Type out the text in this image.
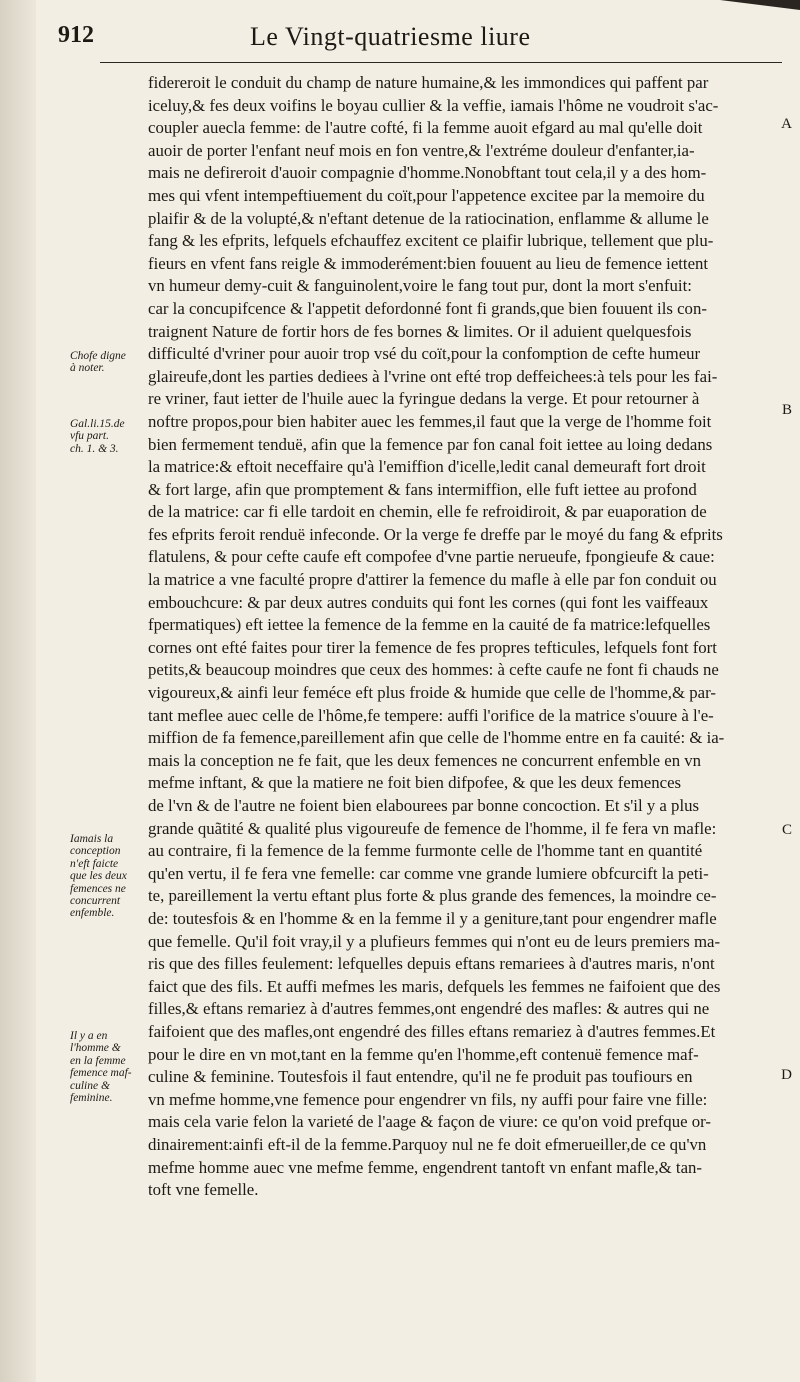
912	Le Vingt-quatriesme liure
fidereroit le conduit du champ de nature humaine,& les immondices qui paffent par
iceluy,& fes deux voifins le boyau cullier & la veffie, iamais l'hôme ne voudroit s'ac-
coupler auecla femme: de l'autre cofté, fi la femme auoit efgard au mal qu'elle doit
auoir de porter l'enfant neuf mois en fon ventre,& l'extréme douleur d'enfanter,ia-
mais ne defireroit d'auoir compagnie d'homme.Nonobftant tout cela,il y a des hom-
mes qui vfent intempeftiuement du coït,pour l'appetence excitee par la memoire du
plaifir & de la volupté,& n'eftant detenue de la ratiocination, enflamme & allume le
fang & les efprits, lefquels efchauffez excitent ce plaifir lubrique, tellement que plu-
fieurs en vfent fans reigle & immoderément:bien fouuent au lieu de femence iettent
vn humeur demy-cuit & fanguinolent,voire le fang tout pur, dont la mort s'enfuit:
car la concupifcence & l'appetit defordonné font fi grands,que bien fouuent ils con-
traignent Nature de fortir hors de fes bornes & limites. Or il aduient quelquesfois
difficulté d'vriner pour auoir trop vsé du coït,pour la confomption de cefte humeur
glaireufe,dont les parties dediees à l'vrine ont efté trop deffeichees:à tels pour les fai-
re vriner, faut ietter de l'huile auec la fyringue dedans la verge. Et pour retourner à
noftre propos,pour bien habiter auec les femmes,il faut que la verge de l'homme foit
bien fermement tenduë, afin que la femence par fon canal foit iettee au loing dedans
la matrice:& eftoit neceffaire qu'à l'emiffion d'icelle,ledit canal demeuraft fort droit
& fort large, afin que promptement & fans intermiffion, elle fuft iettee au profond
de la matrice: car fi elle tardoit en chemin, elle fe refroidiroit, & par euaporation de
fes efprits feroit renduë infeconde. Or la verge fe dreffe par le moyé du fang & efprits
flatulens, & pour cefte caufe eft compofee d'vne partie nerueufe, fpongieufe & caue:
la matrice a vne faculté propre d'attirer la femence du mafle à elle par fon conduit ou
embouchcure: & par deux autres conduits qui font les cornes (qui font les vaiffeaux
fpermatiques) eft iettee la femence de la femme en la cauité de fa matrice:lefquelles
cornes ont efté faites pour tirer la femence de fes propres tefticules, lefquels font fort
petits,& beaucoup moindres que ceux des hommes: à cefte caufe ne font fi chauds ne
vigoureux,& ainfi leur feméce eft plus froide & humide que celle de l'homme,& par-
tant meflee auec celle de l'hôme,fe tempere: auffi l'orifice de la matrice s'ouure à l'e-
miffion de fa femence,pareillement afin que celle de l'homme entre en fa cauité: & ia-
mais la conception ne fe fait, que les deux femences ne concurrent enfemble en vn
mefme inftant, & que la matiere ne foit bien difpofee, & que les deux femences
de l'vn & de l'autre ne foient bien elabourees par bonne concoction. Et s'il y a plus
grande quãtité & qualité plus vigoureufe de femence de l'homme, il fe fera vn mafle:
au contraire, fi la femence de la femme furmonte celle de l'homme tant en quantité
qu'en vertu, il fe fera vne femelle: car comme vne grande lumiere obfcurcift la peti-
te, pareillement la vertu eftant plus forte & plus grande des femences, la moindre ce-
de: toutesfois & en l'homme & en la femme il y a geniture,tant pour engendrer mafle
que femelle. Qu'il foit vray,il y a plufieurs femmes qui n'ont eu de leurs premiers ma-
ris que des filles feulement: lefquelles depuis eftans remariees à d'autres maris, n'ont
faict que des fils. Et auffi mefmes les maris, defquels les femmes ne faifoient que des
filles,& eftans remariez à d'autres femmes,ont engendré des mafles: & autres qui ne
faifoient que des mafles,ont engendré des filles eftans remariez à d'autres femmes.Et
pour le dire en vn mot,tant en la femme qu'en l'homme,eft contenuë femence maf-
culine & feminine. Toutesfois il faut entendre, qu'il ne fe produit pas toufiours en
vn mefme homme,vne femence pour engendrer vn fils, ny auffi pour faire vne fille:
mais cela varie felon la varieté de l'aage & façon de viure: ce qu'on void prefque or-
dinairement:ainfi eft-il de la femme.Parquoy nul ne fe doit efmerueiller,de ce qu'vn
mefme homme auec vne mefme femme, engendrent tantoft vn enfant mafle,& tan-
toft vne femelle.
Chofe digne
à noter.
Gal.li.15.de
vfu part.
ch. 1. & 3.
Iamais la
conception
n'eft faicte
que les deux
femences ne
concurrent
enfemble.
Il y a en
l'homme &
en la femme
femence maf-
culine &
feminine.
A
B
C
D
